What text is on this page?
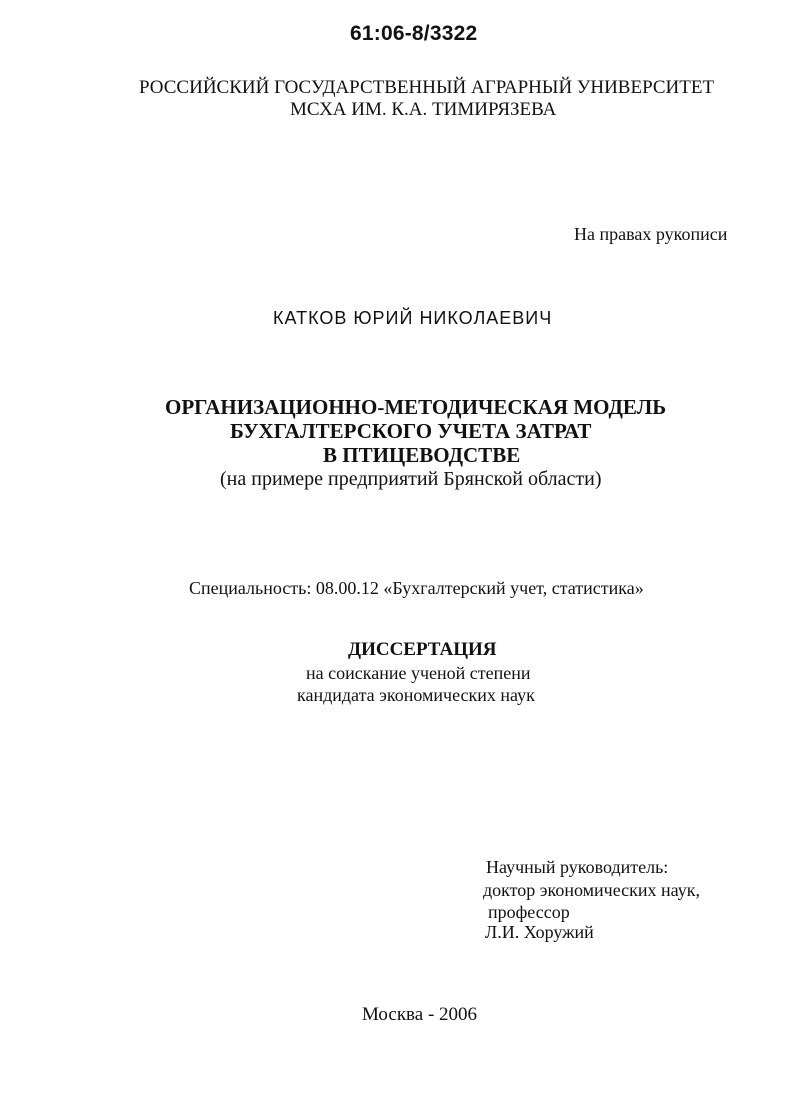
61:06-8/3322
РОССИЙСКИЙ ГОСУДАРСТВЕННЫЙ АГРАРНЫЙ УНИВЕРСИТЕТ
МСХА ИМ. К.А. ТИМИРЯЗЕВА
На правах рукописи
КАТКОВ ЮРИЙ НИКОЛАЕВИЧ
ОРГАНИЗАЦИОННО-МЕТОДИЧЕСКАЯ МОДЕЛЬ
БУХГАЛТЕРСКОГО УЧЕТА ЗАТРАТ
В ПТИЦЕВОДСТВЕ
(на примере предприятий Брянской области)
Специальность: 08.00.12 «Бухгалтерский учет, статистика»
ДИССЕРТАЦИЯ
на соискание ученой степени
кандидата экономических наук
Научный руководитель:
доктор экономических наук,
профессор
Л.И. Хоружий
Москва - 2006
